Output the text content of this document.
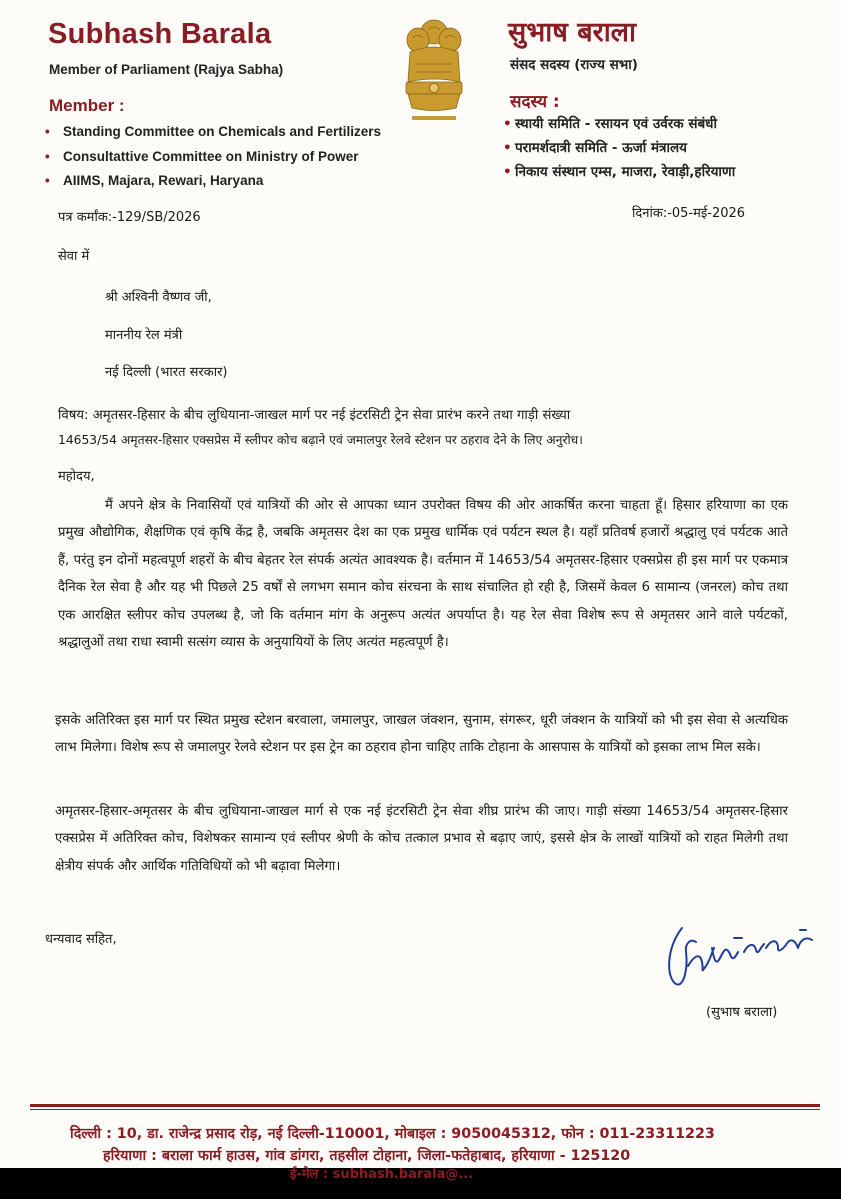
Subhash Barala
Member of Parliament (Rajya Sabha)
Member :
• Standing Committee on Chemicals and Fertilizers
• Consultattive Committee on Ministry of Power
• AIIMS, Majara, Rewari, Haryana
सुभाष बराला
संसद सदस्य (राज्य सभा)
सदस्य :
• स्थायी समिति - रसायन एवं उर्वरक संबंधी
• परामर्शदात्री समिति - ऊर्जा मंत्रालय
• निकाय संस्थान एम्स, माजरा, रेवाड़ी,हरियाणा
पत्र कर्मांक:-129/SB/2026	दिनांक:-05-मई-2026
सेवा में
श्री अश्विनी वैष्णव जी,
माननीय रेल मंत्री
नई दिल्ली (भारत सरकार)
विषय: अमृतसर-हिसार के बीच लुधियाना-जाखल मार्ग पर नई इंटरसिटी ट्रेन सेवा प्रारंभ करने तथा गाड़ी संख्या
14653/54 अमृतसर-हिसार एक्सप्रेस में स्लीपर कोच बढ़ाने एवं जमालपुर रेलवे स्टेशन पर ठहराव देने के लिए अनुरोध।
महोदय,
मैं अपने क्षेत्र के निवासियों एवं यात्रियों की ओर से आपका ध्यान उपरोक्त विषय की ओर आकर्षित करना चाहता हूँ। हिसार हरियाणा का एक प्रमुख औद्योगिक, शैक्षणिक एवं कृषि केंद्र है, जबकि अमृतसर देश का एक प्रमुख धार्मिक एवं पर्यटन स्थल है। यहाँ प्रतिवर्ष हजारों श्रद्धालु एवं पर्यटक आते हैं, परंतु इन दोनों महत्वपूर्ण शहरों के बीच बेहतर रेल संपर्क अत्यंत आवश्यक है। वर्तमान में 14653/54 अमृतसर-हिसार एक्सप्रेस ही इस मार्ग पर एकमात्र दैनिक रेल सेवा है और यह भी पिछले 25 वर्षों से लगभग समान कोच संरचना के साथ संचालित हो रही है, जिसमें केवल 6 सामान्य (जनरल) कोच तथा एक आरक्षित स्लीपर कोच उपलब्ध है, जो कि वर्तमान मांग के अनुरूप अत्यंत अपर्याप्त है। यह रेल सेवा विशेष रूप से अमृतसर आने वाले पर्यटकों, श्रद्धालुओं तथा राधा स्वामी सत्संग व्यास के अनुयायियों के लिए अत्यंत महत्वपूर्ण है।
इसके अतिरिक्त इस मार्ग पर स्थित प्रमुख स्टेशन बरवाला, जमालपुर, जाखल जंक्शन, सुनाम, संगरूर, धूरी जंक्शन के यात्रियों को भी इस सेवा से अत्यधिक लाभ मिलेगा। विशेष रूप से जमालपुर रेलवे स्टेशन पर इस ट्रेन का ठहराव होना चाहिए ताकि टोहाना के आसपास के यात्रियों को इसका लाभ मिल सके।
अमृतसर-हिसार-अमृतसर के बीच लुधियाना-जाखल मार्ग से एक नई इंटरसिटी ट्रेन सेवा शीघ्र प्रारंभ की जाए। गाड़ी संख्या 14653/54 अमृतसर-हिसार एक्सप्रेस में अतिरिक्त कोच, विशेषकर सामान्य एवं स्लीपर श्रेणी के कोच तत्काल प्रभाव से बढ़ाए जाएं, इससे क्षेत्र के लाखों यात्रियों को राहत मिलेगी तथा क्षेत्रीय संपर्क और आर्थिक गतिविधियों को भी बढ़ावा मिलेगा।
धन्यवाद सहित,
(सुभाष बराला)
दिल्ली : 10, डा. राजेन्द्र प्रसाद रोड़, नई दिल्ली-110001, मोबाइल : 9050045312, फोन : 011-23311223
हरियाणा : बराला फार्म हाउस, गांव डांगरा, तहसील टोहाना, जिला-फतेहाबाद, हरियाणा - 125120
ई-मेल : subhash.barala@...
